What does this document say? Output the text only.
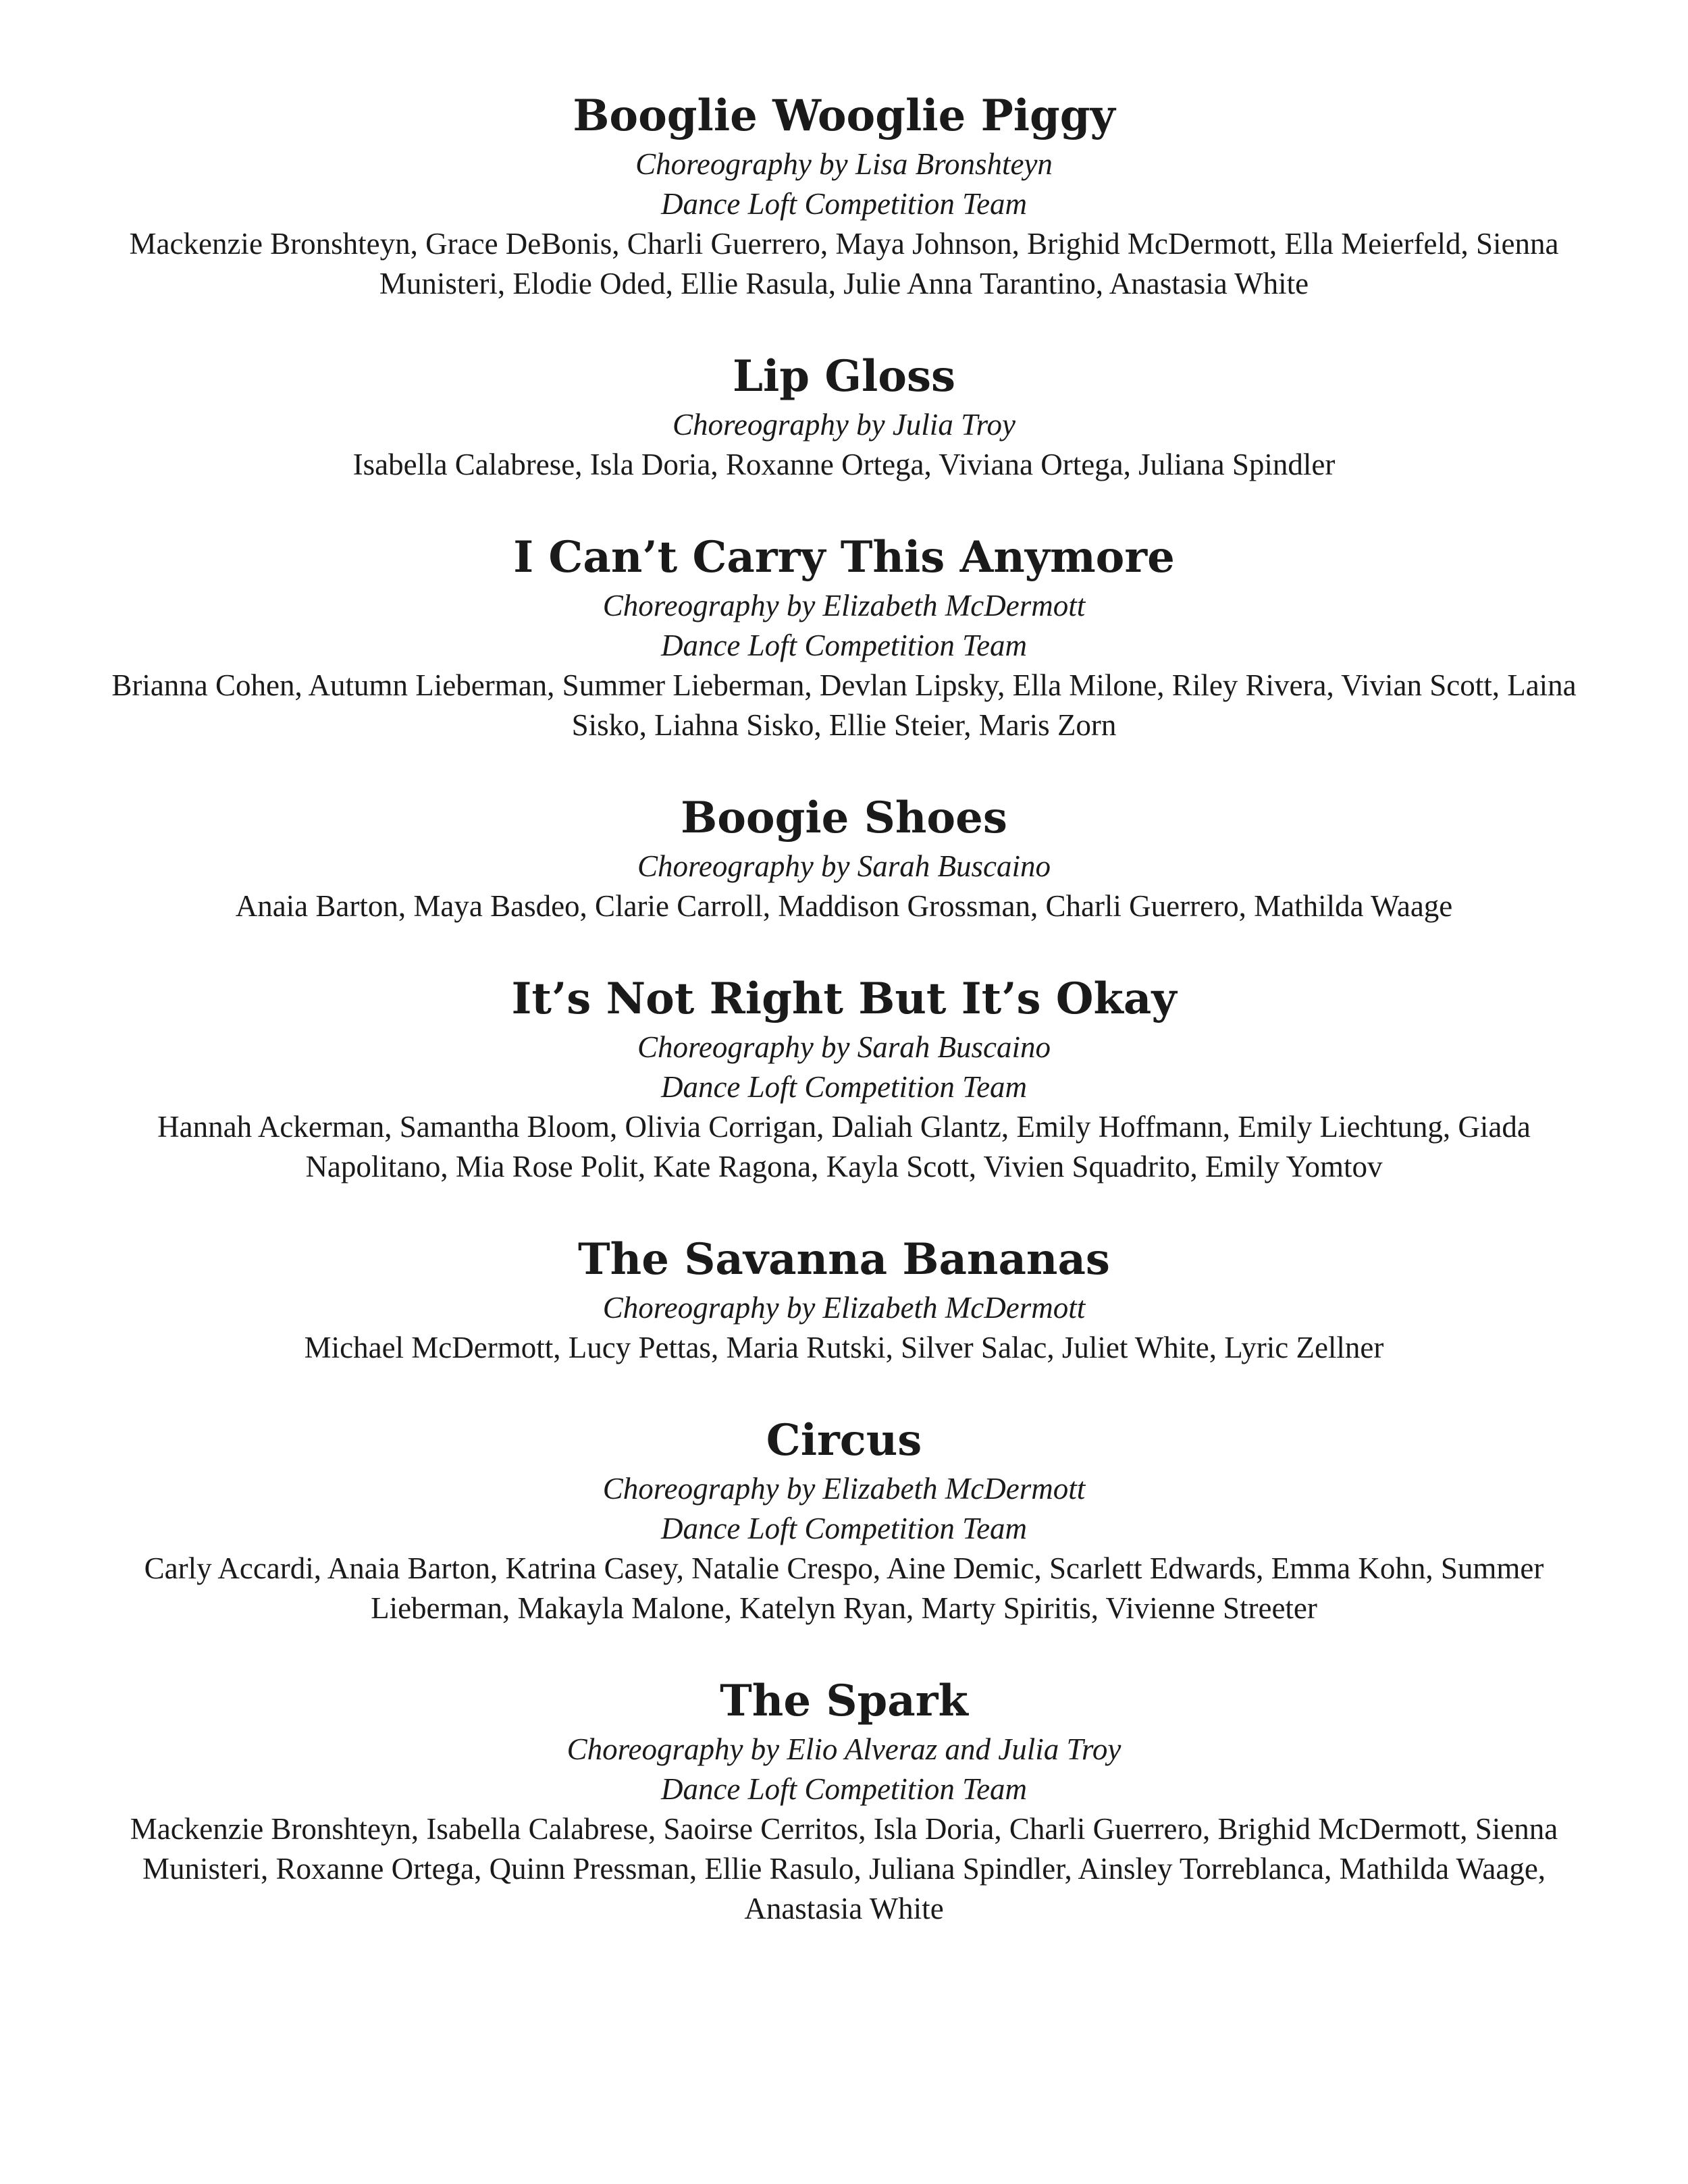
Booglie Wooglie Piggy
Choreography by Lisa Bronshteyn
Dance Loft Competition Team
Mackenzie Bronshteyn, Grace DeBonis, Charli Guerrero, Maya Johnson, Brighid McDermott, Ella Meierfeld, Sienna
Munisteri, Elodie Oded, Ellie Rasula, Julie Anna Tarantino, Anastasia White
Lip Gloss
Choreography by Julia Troy
Isabella Calabrese, Isla Doria, Roxanne Ortega, Viviana Ortega, Juliana Spindler
I Can’t Carry This Anymore
Choreography by Elizabeth McDermott
Dance Loft Competition Team
Brianna Cohen, Autumn Lieberman, Summer Lieberman, Devlan Lipsky, Ella Milone, Riley Rivera, Vivian Scott, Laina
Sisko, Liahna Sisko, Ellie Steier, Maris Zorn
Boogie Shoes
Choreography by Sarah Buscaino
Anaia Barton, Maya Basdeo, Clarie Carroll, Maddison Grossman, Charli Guerrero, Mathilda Waage
It’s Not Right But It’s Okay
Choreography by Sarah Buscaino
Dance Loft Competition Team
Hannah Ackerman, Samantha Bloom, Olivia Corrigan, Daliah Glantz, Emily Hoffmann, Emily Liechtung, Giada
Napolitano, Mia Rose Polit, Kate Ragona, Kayla Scott, Vivien Squadrito, Emily Yomtov
The Savanna Bananas
Choreography by Elizabeth McDermott
Michael McDermott, Lucy Pettas, Maria Rutski, Silver Salac, Juliet White, Lyric Zellner
Circus
Choreography by Elizabeth McDermott
Dance Loft Competition Team
Carly Accardi, Anaia Barton, Katrina Casey, Natalie Crespo, Aine Demic, Scarlett Edwards, Emma Kohn, Summer
Lieberman, Makayla Malone, Katelyn Ryan, Marty Spiritis, Vivienne Streeter
The Spark
Choreography by Elio Alveraz and Julia Troy
Dance Loft Competition Team
Mackenzie Bronshteyn, Isabella Calabrese, Saoirse Cerritos, Isla Doria, Charli Guerrero, Brighid McDermott, Sienna
Munisteri, Roxanne Ortega, Quinn Pressman, Ellie Rasulo, Juliana Spindler, Ainsley Torreblanca, Mathilda Waage,
Anastasia White
